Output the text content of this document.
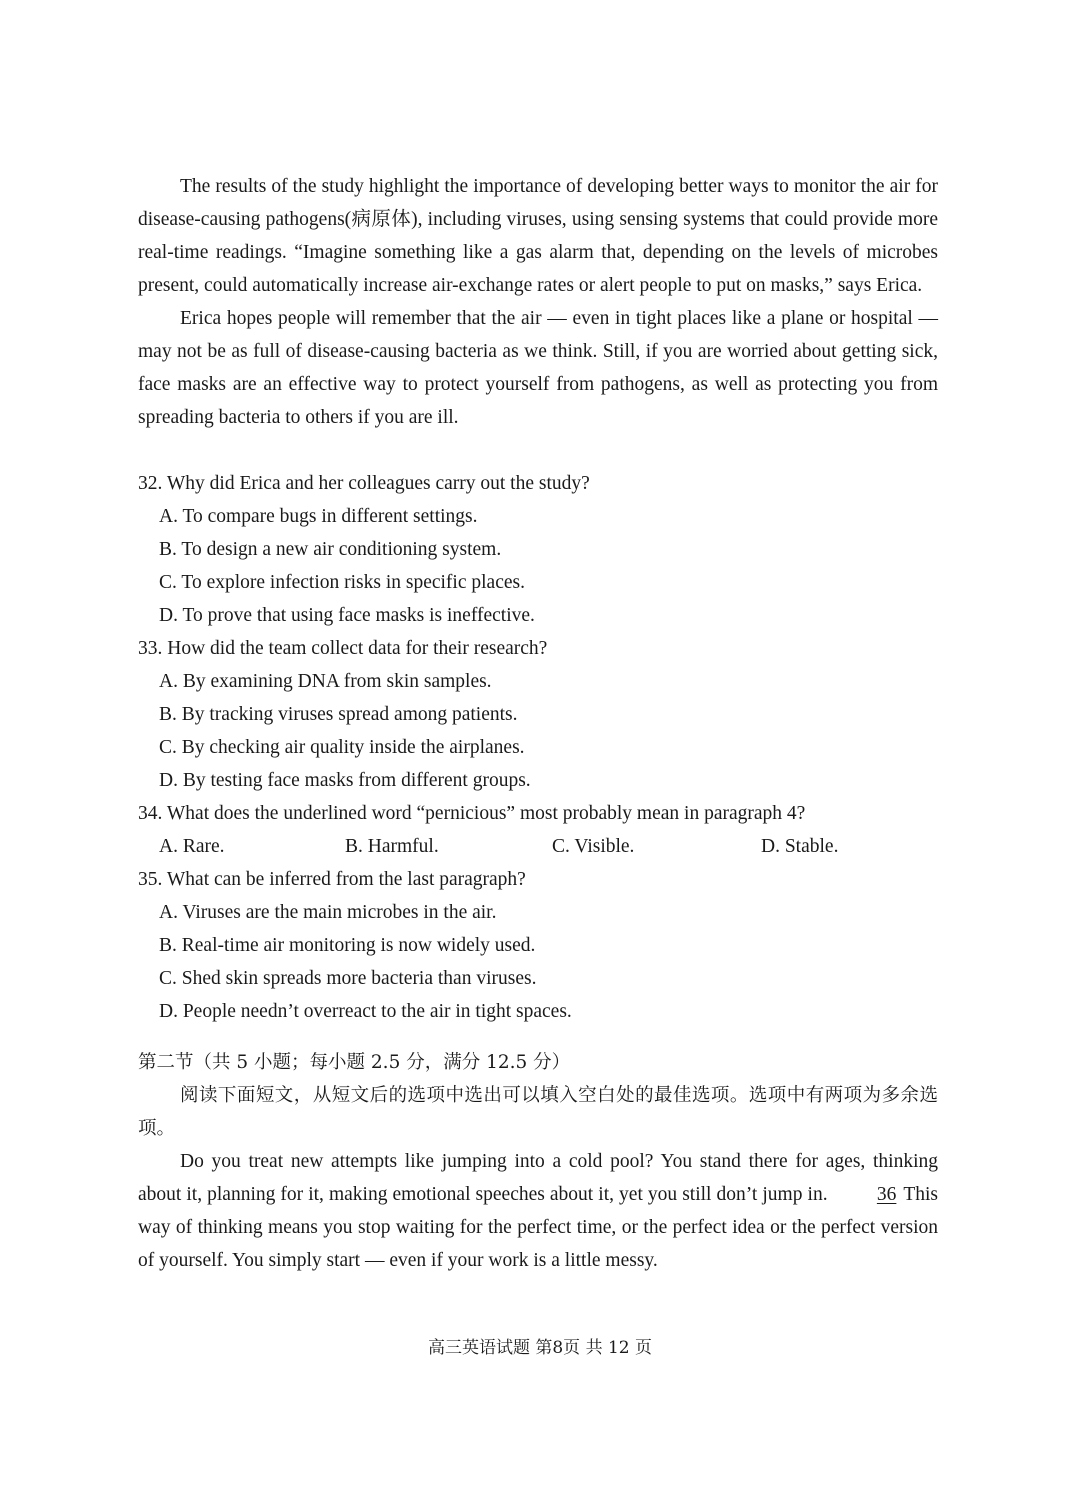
The results of the study highlight the importance of developing better ways to monitor the air for disease-causing pathogens(病原体), including viruses, using sensing systems that could provide more real-time readings. “Imagine something like a gas alarm that, depending on the levels of microbes present, could automatically increase air-exchange rates or alert people to put on masks,” says Erica.

Erica hopes people will remember that the air — even in tight places like a plane or hospital — may not be as full of disease-causing bacteria as we think. Still, if you are worried about getting sick, face masks are an effective way to protect yourself from pathogens, as well as protecting you from spreading bacteria to others if you are ill.

32. Why did Erica and her colleagues carry out the study?

A. To compare bugs in different settings.

B. To design a new air conditioning system.

C. To explore infection risks in specific places.

D. To prove that using face masks is ineffective.

33. How did the team collect data for their research?

A. By examining DNA from skin samples.

B. By tracking viruses spread among patients.

C. By checking air quality inside the airplanes.

D. By testing face masks from different groups.

34. What does the underlined word “pernicious” most probably mean in paragraph 4?

A. Rare.	B. Harmful.	C. Visible.	D. Stable.

35. What can be inferred from the last paragraph?

A. Viruses are the main microbes in the air.

B. Real-time air monitoring is now widely used.

C. Shed skin spreads more bacteria than viruses.

D. People needn’t overreact to the air in tight spaces.

第二节（共 5 小题；每小题 2.5 分，满分 12.5 分）

阅读下面短文，从短文后的选项中选出可以填入空白处的最佳选项。选项中有两项为多余选项。

Do you treat new attempts like jumping into a cold pool? You stand there for ages, thinking about it, planning for it, making emotional speeches about it, yet you still don’t jump in. 36 This way of thinking means you stop waiting for the perfect time, or the perfect idea or the perfect version of yourself. You simply start — even if your work is a little messy.

高三英语试题 第8页 共 12 页
